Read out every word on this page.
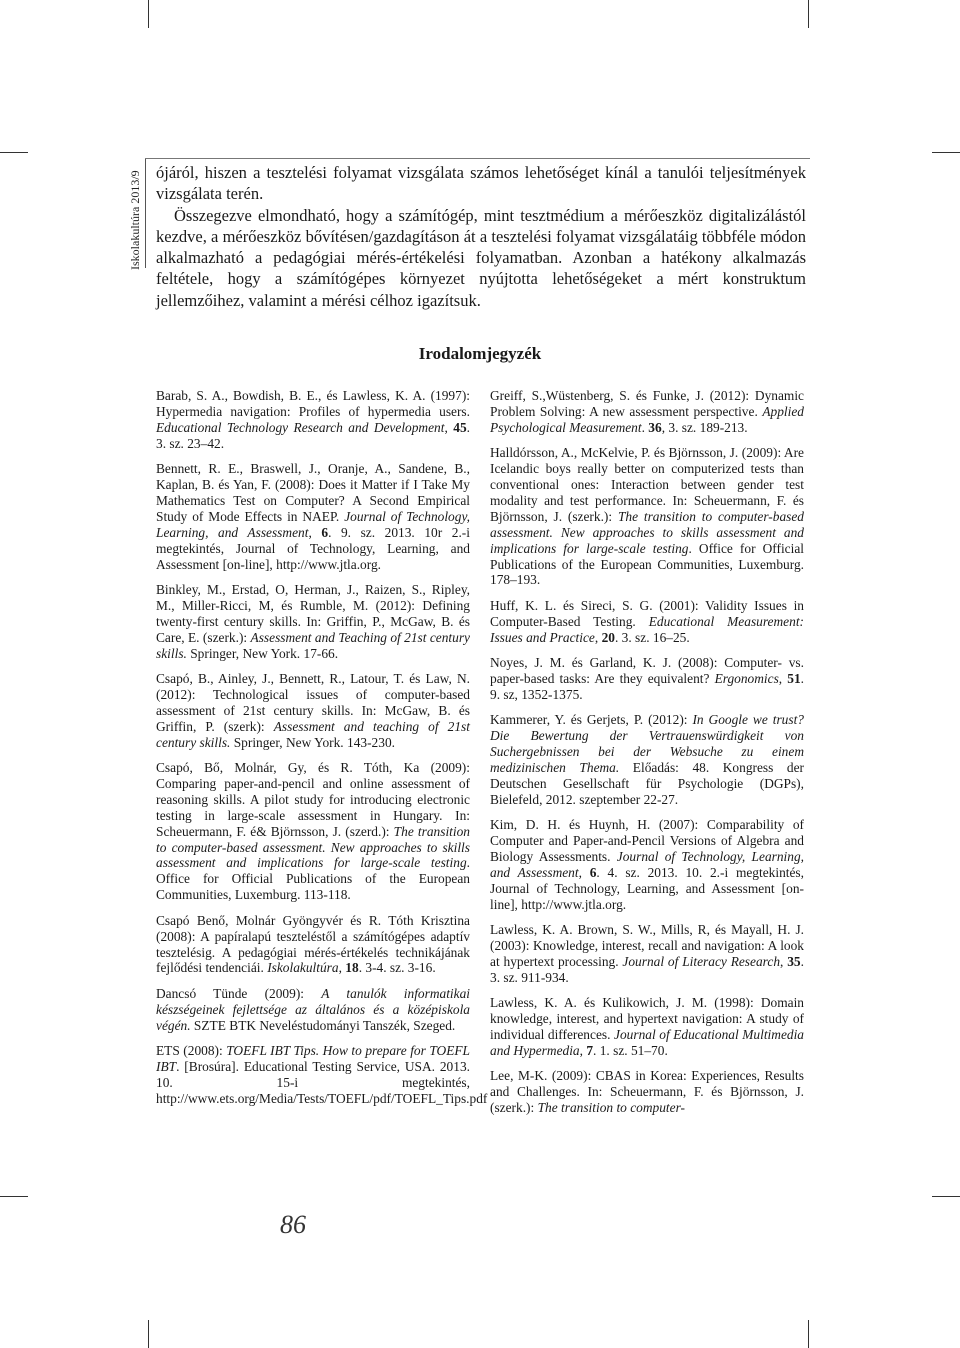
Iskolakultúra 2013/9 ójáról, hiszen a tesztelési folyamat vizsgálata számos lehetőséget kínál a tanulói teljesítmények vizsgálata terén.

Összegezve elmondható, hogy a számítógép, mint tesztmédium a mérőeszköz digitalizálástól kezdve, a mérőeszköz bővítésen/gazdagításon át a tesztelési folyamat vizsgálatáig többféle módon alkalmazható a pedagógiai mérés-értékelési folyamatban. Azonban a hatékony alkalmazás feltétele, hogy a számítógépes környezet nyújtotta lehetőségeket a mért konstruktum jellemzőihez, valamint a mérési célhoz igazítsuk.

Irodalomjegyzék

Barab, S. A., Bowdish, B. E., és Lawless, K. A. (1997): Hypermedia navigation: Profiles of hypermedia users. Educational Technology Research and Development, 45. 3. sz. 23–42.

Bennett, R. E., Braswell, J., Oranje, A., Sandene, B., Kaplan, B. és Yan, F. (2008): Does it Matter if I Take My Mathematics Test on Computer? A Second Empirical Study of Mode Effects in NAEP. Journal of Technology, Learning, and Assessment, 6. 9. sz. 2013. 10r 2.-i megtekintés, Journal of Technology, Learning, and Assessment [on-line], http://www.jtla.org.

Binkley, M., Erstad, O, Herman, J., Raizen, S., Ripley, M., Miller-Ricci, M, és Rumble, M. (2012): Defining twenty-first century skills. In: Griffin, P., McGaw, B. és Care, E. (szerk.): Assessment and Teaching of 21st century skills. Springer, New York. 17-66.

Csapó, B., Ainley, J., Bennett, R., Latour, T. és Law, N. (2012): Technological issues of computer-based assessment of 21st century skills. In: McGaw, B. és Griffin, P. (szerk): Assessment and teaching of 21st century skills. Springer, New York. 143-230.

Csapó, Bő, Molnár, Gy, és R. Tóth, Ka (2009): Comparing paper-and-pencil and online assessment of reasoning skills. A pilot study for introducing electronic testing in large-scale assessment in Hungary. In: Scheuermann, F. é& Björnsson, J. (szerd.): The transition to computer-based assessment. New approaches to skills assessment and implications for large-scale testing. Office for Official Publications of the European Communities, Luxemburg. 113-118.

Csapó Benő, Molnár Gyöngyvér és R. Tóth Krisztina (2008): A papíralapú teszteléstől a számítógépes adaptív tesztelésig. A pedagógiai mérés-értékelés technikájának fejlődési tendenciái. Iskolakultúra, 18. 3-4. sz. 3-16.

Dancsó Tünde (2009): A tanulók informatikai készségeinek fejlettsége az általános és a középiskola végén. SZTE BTK Neveléstudományi Tanszék, Szeged.

ETS (2008): TOEFL IBT Tips. How to prepare for TOEFL IBT. [Brosúra]. Educational Testing Service, USA. 2013. 10. 15-i megtekintés, http://www.ets.org/Media/Tests/TOEFL/pdf/TOEFL_Tips.pdf

Greiff, S.,Wüstenberg, S. és Funke, J. (2012): Dynamic Problem Solving: A new assessment perspective. Applied Psychological Measurement. 36, 3. sz. 189-213.

Halldórsson, A., McKelvie, P. és Björnsson, J. (2009): Are Icelandic boys really better on computerized tests than conventional ones: Interaction between gender test modality and test performance. In: Scheuermann, F. és Björnsson, J. (szerk.): The transition to computer-based assessment. New approaches to skills assessment and implications for large-scale testing. Office for Official Publications of the European Communities, Luxemburg. 178–193.

Huff, K. L. és Sireci, S. G. (2001): Validity Issues in Computer-Based Testing. Educational Measurement: Issues and Practice, 20. 3. sz. 16–25.

Noyes, J. M. és Garland, K. J. (2008): Computer- vs. paper-based tasks: Are they equivalent? Ergonomics, 51. 9. sz, 1352-1375.

Kammerer, Y. és Gerjets, P. (2012): In Google we trust? Die Bewertung der Vertrauenswürdigkeit von Suchergebnissen bei der Websuche zu einem medizinischen Thema. Előadás: 48. Kongress der Deutschen Gesellschaft für Psychologie (DGPs), Bielefeld, 2012. szeptember 22-27.

Kim, D. H. és Huynh, H. (2007): Comparability of Computer and Paper-and-Pencil Versions of Algebra and Biology Assessments. Journal of Technology, Learning, and Assessment, 6. 4. sz. 2013. 10. 2.-i megtekintés, Journal of Technology, Learning, and Assessment [on-line], http://www.jtla.org.

Lawless, K. A. Brown, S. W., Mills, R, és Mayall, H. J. (2003): Knowledge, interest, recall and navigation: A look at hypertext processing. Journal of Literacy Research, 35. 3. sz. 911-934.

Lawless, K. A. és Kulikowich, J. M. (1998): Domain knowledge, interest, and hypertext navigation: A study of individual differences. Journal of Educational Multimedia and Hypermedia, 7. 1. sz. 51–70.

Lee, M-K. (2009): CBAS in Korea: Experiences, Results and Challenges. In: Scheuermann, F. és Björnsson, J. (szerk.): The transition to computer-

86
